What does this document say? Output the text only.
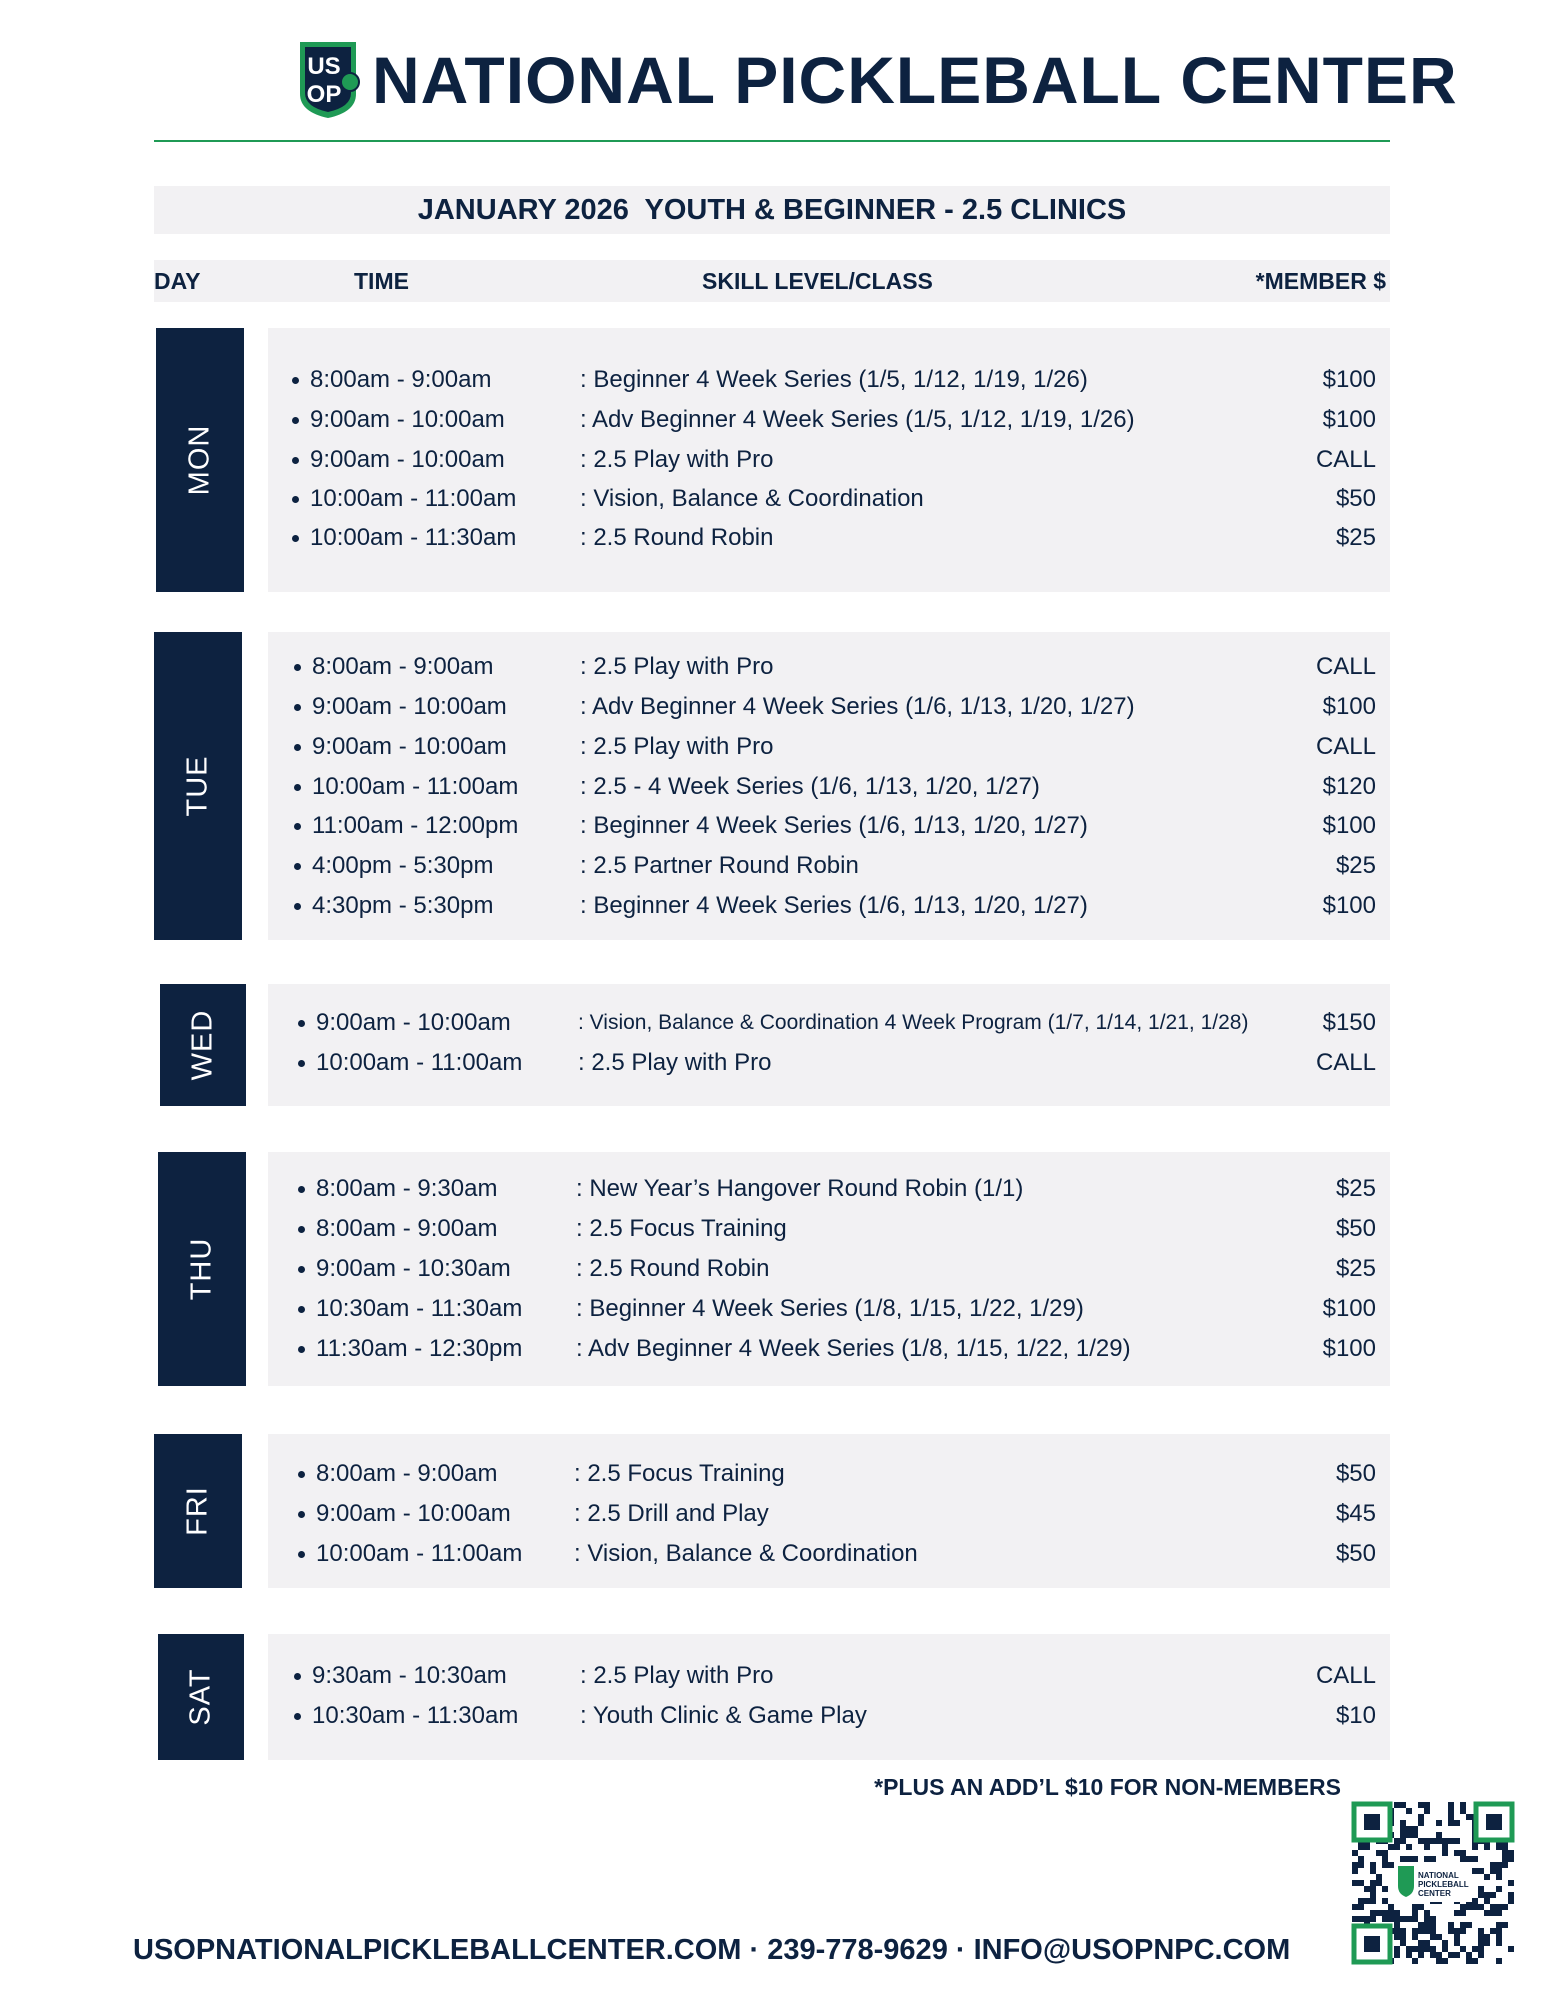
US
OP NATIONAL PICKLEBALL CENTER
JANUARY 2026  YOUTH & BEGINNER - 2.5 CLINICS
DAY	TIME	SKILL LEVEL/CLASS	*MEMBER $
MON
8:00am - 9:00am	: Beginner 4 Week Series (1/5, 1/12, 1/19, 1/26)	$100
9:00am - 10:00am	: Adv Beginner 4 Week Series (1/5, 1/12, 1/19, 1/26)	$100
9:00am - 10:00am	: 2.5 Play with Pro	CALL
10:00am - 11:00am	: Vision, Balance & Coordination	$50
10:00am - 11:30am	: 2.5 Round Robin	$25
TUE
8:00am - 9:00am	: 2.5 Play with Pro	CALL
9:00am - 10:00am	: Adv Beginner 4 Week Series (1/6, 1/13, 1/20, 1/27)	$100
9:00am - 10:00am	: 2.5 Play with Pro	CALL
10:00am - 11:00am	: 2.5 - 4 Week Series (1/6, 1/13, 1/20, 1/27)	$120
11:00am - 12:00pm	: Beginner 4 Week Series (1/6, 1/13, 1/20, 1/27)	$100
4:00pm - 5:30pm	: 2.5 Partner Round Robin	$25
4:30pm - 5:30pm	: Beginner 4 Week Series (1/6, 1/13, 1/20, 1/27)	$100
WED	9:00am - 10:00am	: Vision, Balance & Coordination 4 Week Program (1/7, 1/14, 1/21, 1/28)	$150
10:00am - 11:00am : 2.5 Play with Pro	CALL
THU
8:00am - 9:30am	: New Year’s Hangover Round Robin (1/1)	$25
8:00am - 9:00am	: 2.5 Focus Training	$50
9:00am - 10:30am	: 2.5 Round Robin	$25
10:30am - 11:30am : Beginner 4 Week Series (1/8, 1/15, 1/22, 1/29)	$100
11:30am - 12:30pm : Adv Beginner 4 Week Series (1/8, 1/15, 1/22, 1/29)	$100
FRI
8:00am - 9:00am	: 2.5 Focus Training	$50
9:00am - 10:00am	: 2.5 Drill and Play	$45
10:00am - 11:00am : Vision, Balance & Coordination	$50
SAT	9:30am - 10:30am	: 2.5 Play with Pro	CALL
10:30am - 11:30am	: Youth Clinic & Game Play	$10
*PLUS AN ADD’L $10 FOR NON-MEMBERS
NATIONAL PICKLEBALL CENTER
USOPNATIONALPICKLEBALLCENTER.COM · 239-778-9629 · INFO@USOPNPC.COM
